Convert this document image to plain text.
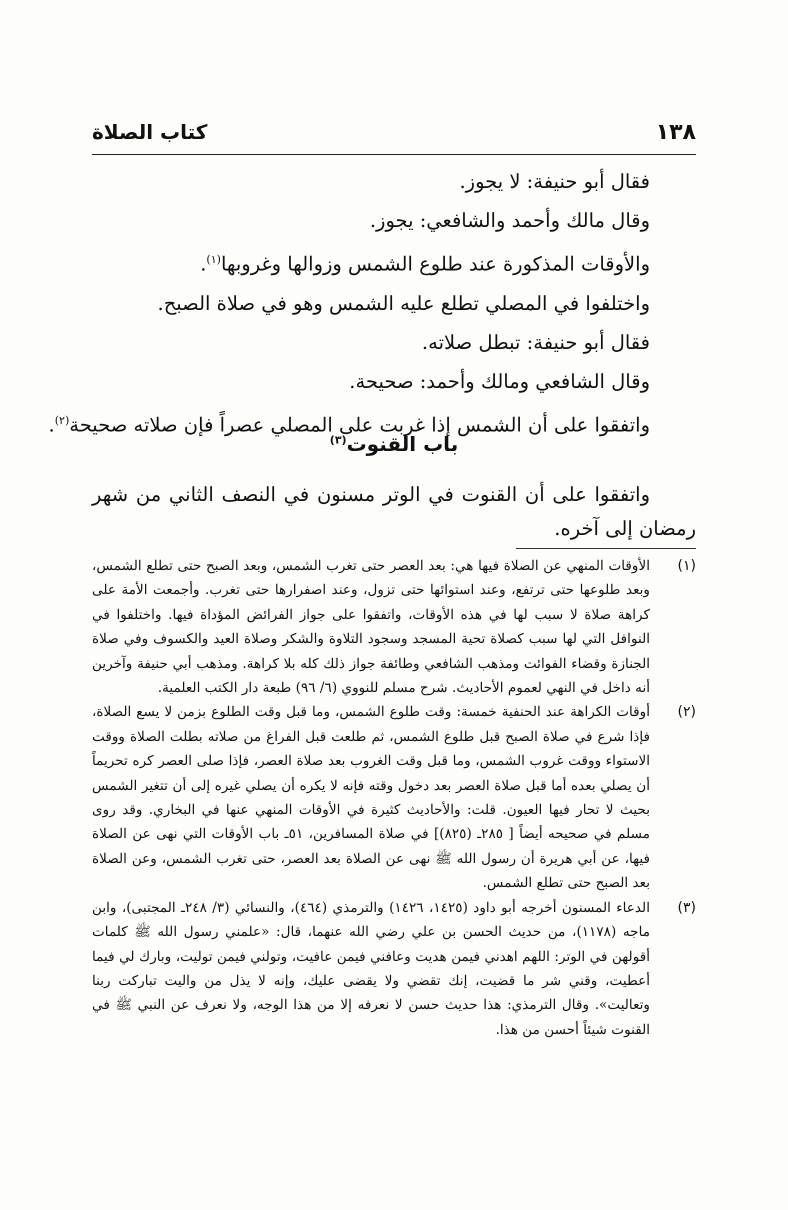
١٣٨
كتاب الصلاة

فقال أبو حنيفة: لا يجوز.

وقال مالك وأحمد والشافعي: يجوز.

والأوقات المذكورة عند طلوع الشمس وزوالها وغروبها$^{(١)}$.

واختلفوا في المصلي تطلع عليه الشمس وهو في صلاة الصبح.

فقال أبو حنيفة: تبطل صلاته.

وقال الشافعي ومالك وأحمد: صحيحة.

واتفقوا على أن الشمس إذا غربت على المصلي عصراً فإن صلاته صحيحة$^{(٢)}$.

باب القنوت$^{(٣)}$
واتفقوا على أن القنوت في الوتر مسنون في النصف الثاني من شهر رمضان إلى آخره.
(١)
الأوقات المنهي عن الصلاة فيها هي: بعد العصر حتى تغرب الشمس، وبعد الصبح حتى تطلع الشمس، وبعد طلوعها حتى ترتفع، وعند استوائها حتى تزول، وعند اصفرارها حتى تغرب. وأجمعت الأمة على كراهة صلاة لا سبب لها في هذه الأوقات، واتفقوا على جواز الفرائض المؤداة فيها. واختلفوا في النوافل التي لها سبب كصلاة تحية المسجد وسجود التلاوة والشكر وصلاة العيد والكسوف وفي صلاة الجنازة وقضاء الفوائت ومذهب الشافعي وطائفة جواز ذلك كله بلا كراهة. ومذهب أبي حنيفة وآخرين أنه داخل في النهي لعموم الأحاديث. شرح مسلم للنووي (٦/ ٩٦) طبعة دار الكتب العلمية.
(٢)
أوقات الكراهة عند الحنفية خمسة: وقت طلوع الشمس، وما قبل وقت الطلوع بزمن لا يسع الصلاة، فإذا شرع في صلاة الصبح قبل طلوع الشمس، ثم طلعت قبل الفراغ من صلاته بطلت الصلاة ووقت الاستواء ووقت غروب الشمس، وما قبل وقت الغروب بعد صلاة العصر، فإذا صلى العصر كره تحريماً أن يصلي بعده أما قبل صلاة العصر بعد دخول وقته فإنه لا يكره أن يصلي غيره إلى أن تتغير الشمس بحيث لا تحار فيها العيون. قلت: والأحاديث كثيرة في الأوقات المنهي عنها في البخاري. وقد روى مسلم في صحيحه أيضاً [ ٢٨٥ـ (٨٢٥)] في صلاة المسافرين، ٥١ـ باب الأوقات التي نهى عن الصلاة فيها، عن أبي هريرة أن رسول الله ﷺ نهى عن الصلاة بعد العصر، حتى تغرب الشمس، وعن الصلاة بعد الصبح حتى تطلع الشمس.
(٣)
الدعاء المسنون أخرجه أبو داود (١٤٢٥، ١٤٢٦) والترمذي (٤٦٤)، والنسائي (٣/ ٢٤٨ـ المجتبى)، وابن ماجه (١١٧٨)، من حديث الحسن بن علي رضي الله عنهما، قال: «علمني رسول الله ﷺ كلمات أقولهن في الوتر: اللهم اهدني فيمن هديت وعافني فيمن عافيت، وتولني فيمن توليت، وبارك لي فيما أعطيت، وقني شر ما قضيت، إنك تقضي ولا يقضى عليك، وإنه لا يذل من واليت تباركت ربنا وتعاليت». وقال الترمذي: هذا حديث حسن لا نعرفه إلا من هذا الوجه، ولا نعرف عن النبي ﷺ في القنوت شيئاً أحسن من هذا.
